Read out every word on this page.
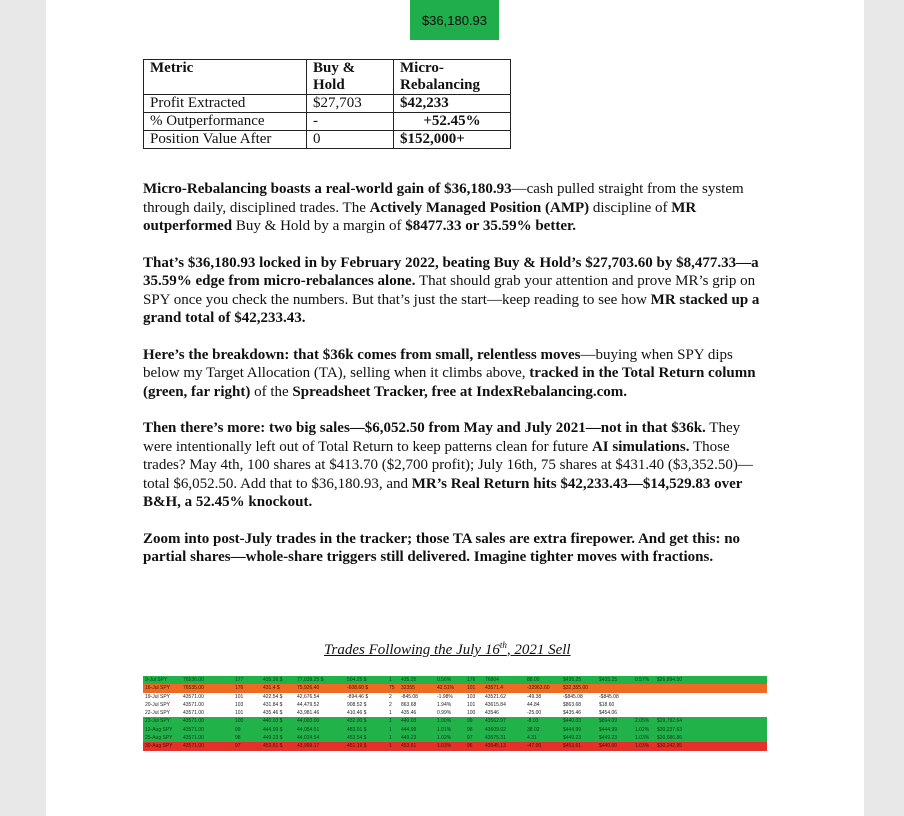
$36,180.93
Metric	Buy & Hold	Micro-Rebalancing
Profit Extracted	$27,703	$42,233
% Outperformance	-	+52.45%
Position Value After	0	$152,000+

Micro-Rebalancing boasts a real-world gain of $36,180.93—cash pulled straight from the system through daily, disciplined trades. The Actively Managed Position (AMP) discipline of MR outperformed Buy & Hold by a margin of $8477.33 or 35.59% better.

That’s $36,180.93 locked in by February 2022, beating Buy & Hold’s $27,703.60 by $8,477.33—a 35.59% edge from micro-rebalances alone. That should grab your attention and prove MR’s grip on SPY once you check the numbers. But that’s just the start—keep reading to see how MR stacked up a grand total of $42,233.43.

Here’s the breakdown: that $36k comes from small, relentless moves—buying when SPY dips below my Target Allocation (TA), selling when it climbs above, tracked in the Total Return column (green, far right) of the Spreadsheet Tracker, free at IndexRebalancing.com.

Then there’s more: two big sales—$6,052.50 from May and July 2021—not in that $36k. They were intentionally left out of Total Return to keep patterns clean for future AI simulations. Those trades? May 4th, 100 shares at $413.70 ($2,700 profit); July 16th, 75 shares at $431.40 ($3,352.50)—total $6,052.50. Add that to $36,180.93, and MR’s Real Return hits $42,233.43—$14,529.83 over B&H, a 52.45% knockout.

Zoom into post-July trades in the tracker; those TA sales are extra firepower. And get this: no partial shares—whole-share triggers still delivered. Imagine tighter moves with fractions.

Trades Following the July 16th, 2021 Sell
9-Jul SPY	76536.00	177	435.26 $	77,039.25 $	504.25 $	1	435.25	0.56%	176	76804	88.00	$435.25	$435.25	0.57%	$26,894.50
16-Jul SPY	76535.00	176	431.4 $	75,926.40	-608.60 $	75	32355	42.51%	101	43571.4	-32963.60	$32,355.00
19-Jul SPY	43571.00	101	422.54 $	42,676.54	-894.46 $	2	-845.08	-1.98%	103	43521.62	-49.38	-$845.08	-$845.08
20-Jul SPY	43571.00	103	431.84 $	44,479.52	908.52 $	2	863.68	1.94%	101	43615.84	44.84	$863.68	$18.60
22-Jul SPY	43571.00	101	435.46 $	43,981.46	410.46 $	1	435.46	0.99%	100	43546	-25.00	$435.46	$454.06
23-Jul SPY	43571.00	100	440.03 $	44,003.00	432.00 $	1	440.03	1.00%	99	43562.97	-8.03	$440.03	$894.09	2.05%	$29,792.64
12-Aug SPY	43571.00	99	444.99 $	44,054.01	483.01 $	1	444.99	1.01%	98	43609.02	38.02	$444.99	$444.99	1.02%	$30,237.63
25-Aug SPY	43571.00	98	449.23 $	44,024.54	453.54 $	1	449.23	1.02%	97	43575.31	4.31	$449.23	$449.23	1.03%	$30,686.86
30-Aug SPY	43571.00	97	453.61 $	43,999.17	451.19 $	1	453.61	1.03%	96	43545.13	-47.00	$453.61	$440.00	1.03%	$30,242.95
